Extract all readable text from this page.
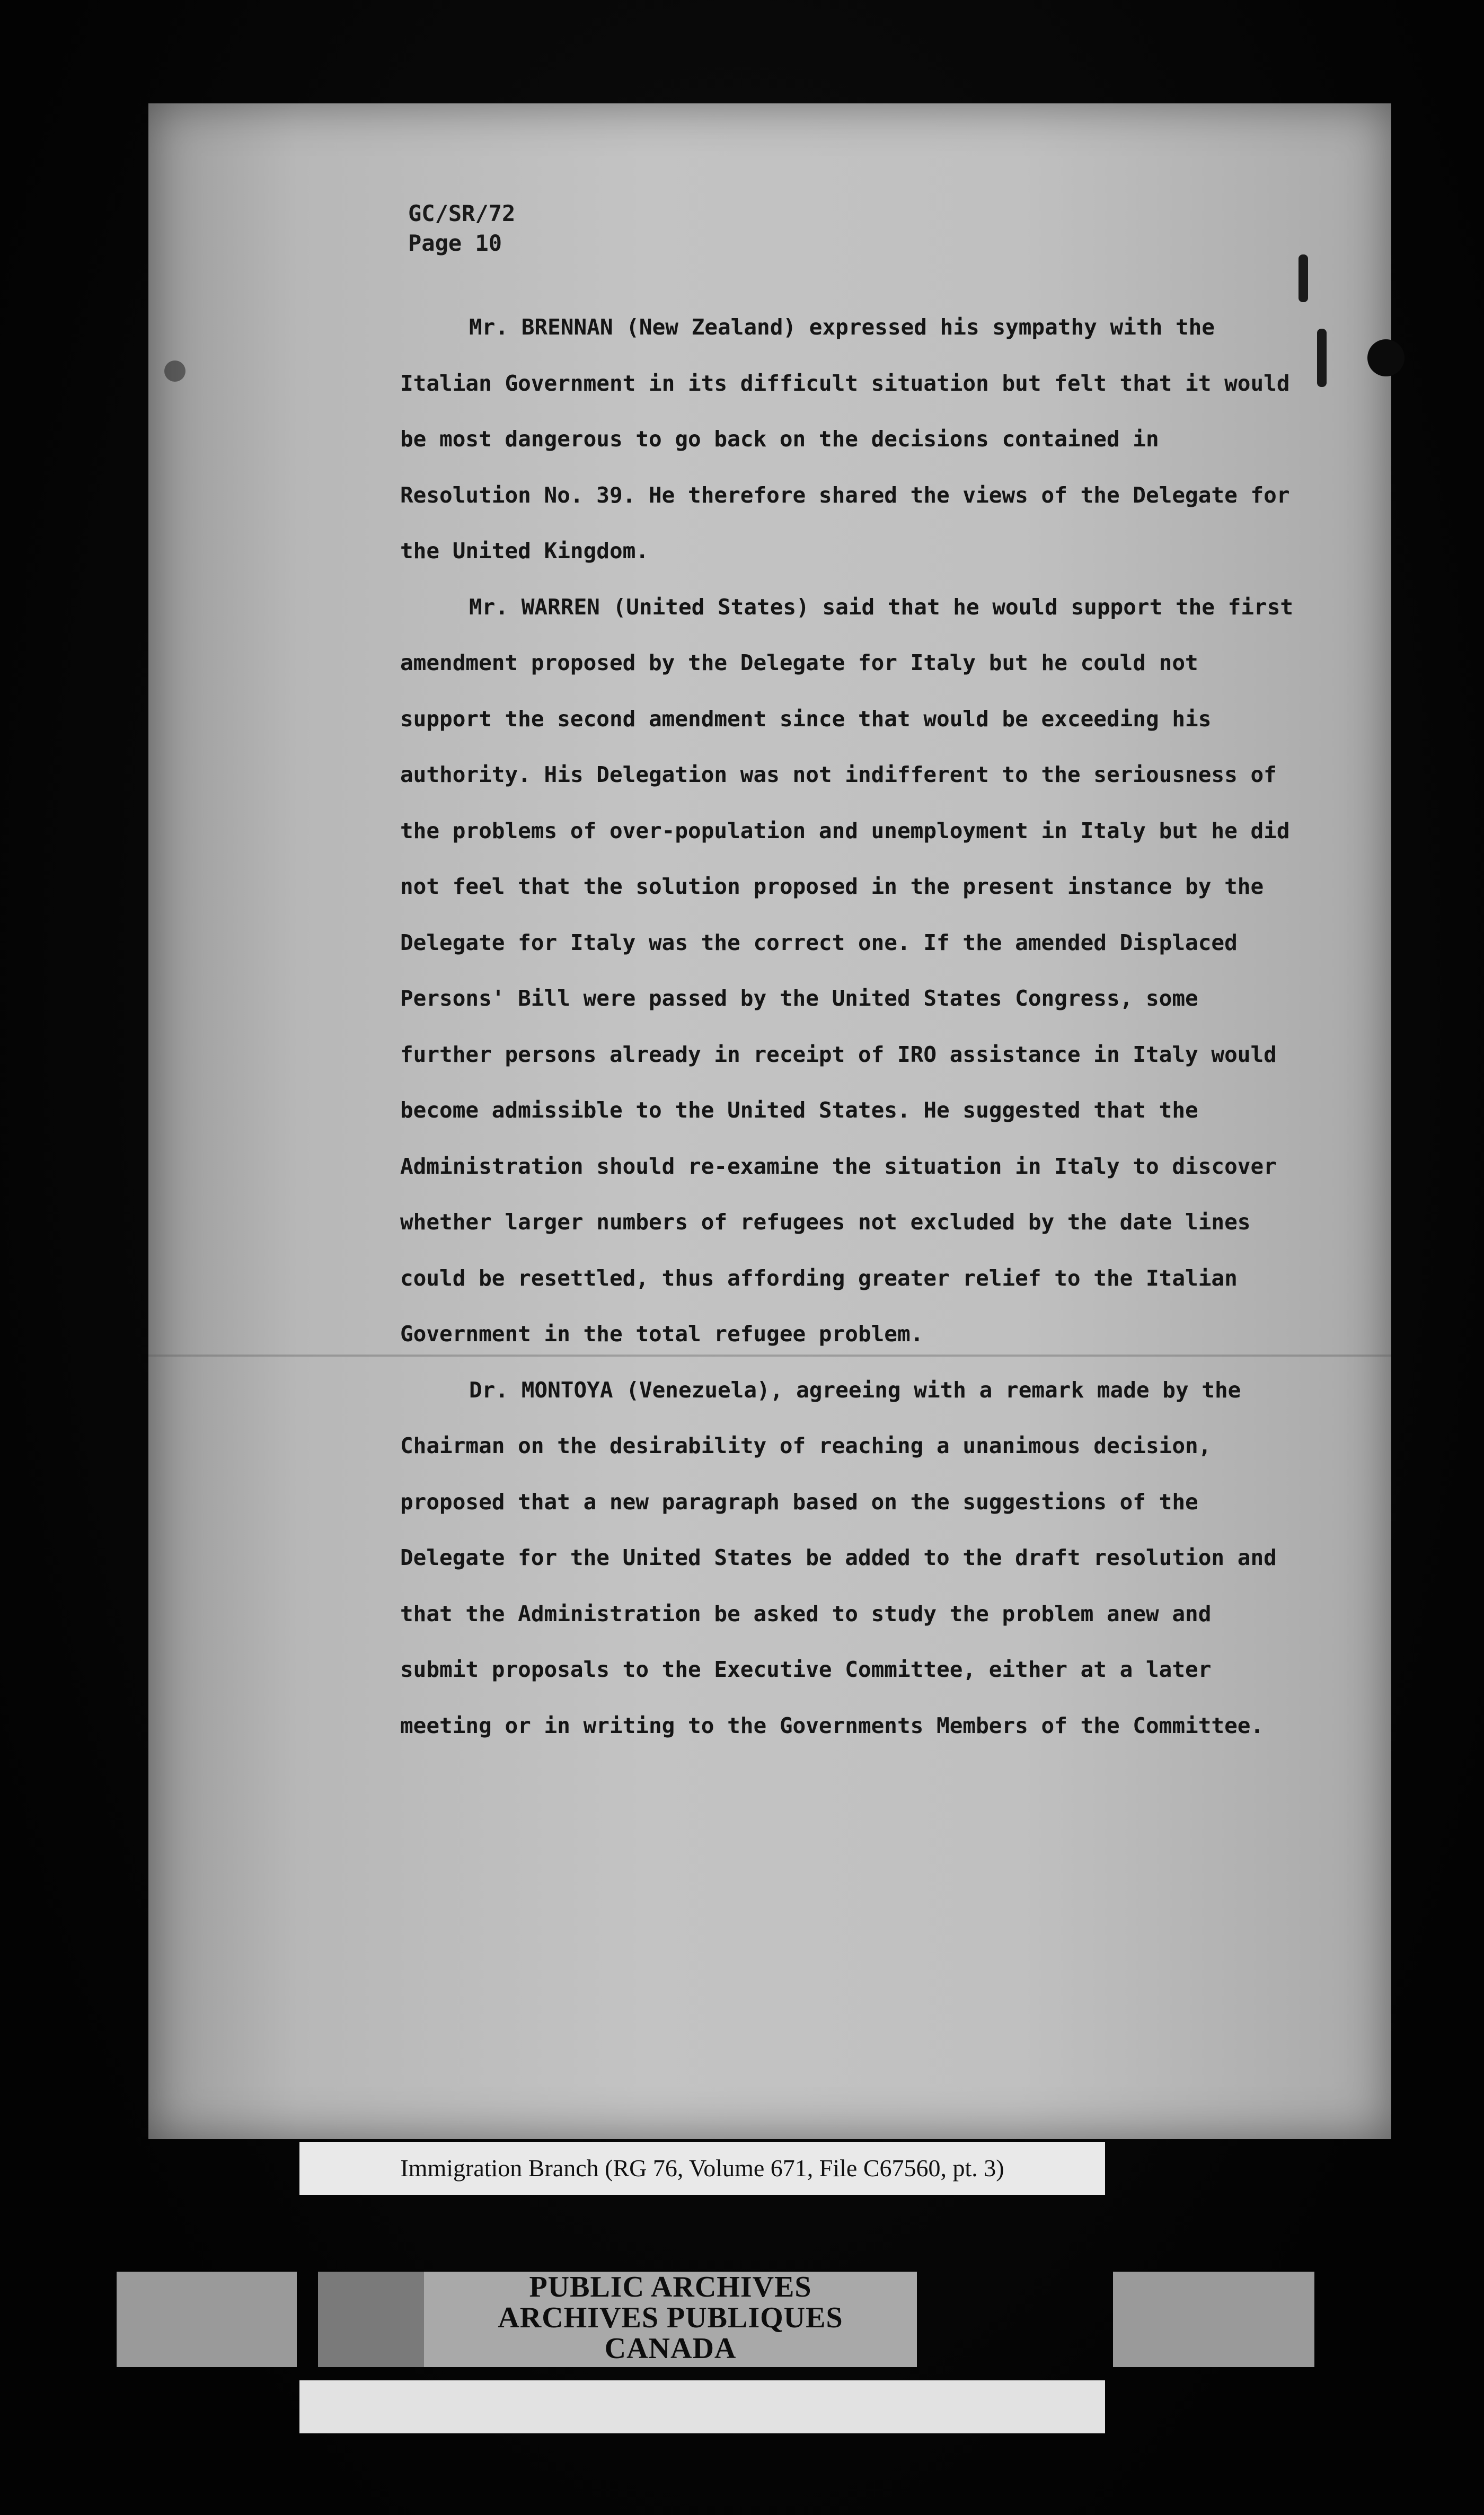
GC/SR/72
Page 10

Mr. BRENNAN (New Zealand) expressed his sympathy with the Italian Government in its difficult situation but felt that it would be most dangerous to go back on the decisions contained in Resolution No. 39. He therefore shared the views of the Delegate for the United Kingdom.

Mr. WARREN (United States) said that he would support the first amendment proposed by the Delegate for Italy but he could not support the second amendment since that would be exceeding his authority. His Delegation was not indifferent to the seriousness of the problems of over-population and unemployment in Italy but he did not feel that the solution proposed in the present instance by the Delegate for Italy was the correct one. If the amended Displaced Persons' Bill were passed by the United States Congress, some further persons already in receipt of IRO assistance in Italy would become admissible to the United States. He suggested that the Administration should re-examine the situation in Italy to discover whether larger numbers of refugees not excluded by the date lines could be resettled, thus affording greater relief to the Italian Government in the total refugee problem.

Dr. MONTOYA (Venezuela), agreeing with a remark made by the Chairman on the desirability of reaching a unanimous decision, proposed that a new paragraph based on the suggestions of the Delegate for the United States be added to the draft resolution and that the Administration be asked to study the problem anew and submit proposals to the Executive Committee, either at a later meeting or in writing to the Governments Members of the Committee.

Immigration Branch (RG 76, Volume 671, File C67560, pt. 3)
PUBLIC ARCHIVES
ARCHIVES PUBLIQUES
CANADA
